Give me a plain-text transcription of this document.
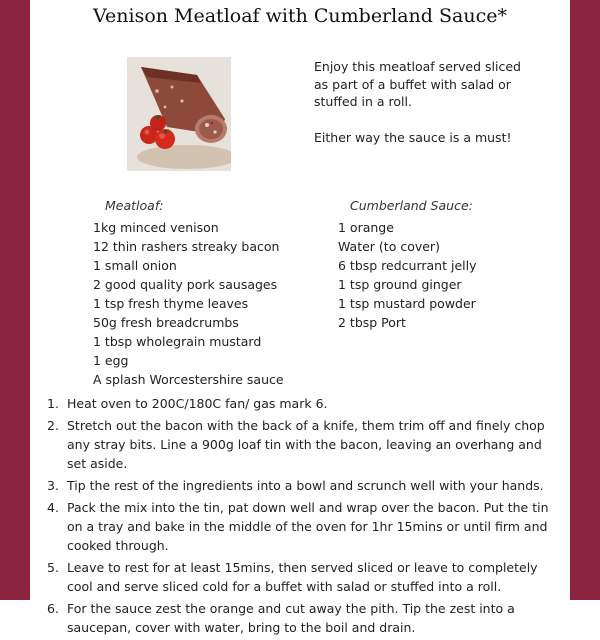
Venison Meatloaf with Cumberland Sauce*

Enjoy this meatloaf served sliced as part of a buffet with salad or stuffed in a roll.

Either way the sauce is a must!

Meatloaf:
1kg minced venison
12 thin rashers streaky bacon
1 small onion
2 good quality pork sausages
1 tsp fresh thyme leaves
50g fresh breadcrumbs
1 tbsp wholegrain mustard
1 egg
A splash Worcestershire sauce
Cumberland Sauce:
1 orange
Water (to cover)
6 tbsp redcurrant jelly
1 tsp ground ginger
1 tsp mustard powder
2 tbsp Port
1. Heat oven to 200C/180C fan/ gas mark 6.
2. Stretch out the bacon with the back of a knife, them trim off and finely chop any stray bits. Line a 900g loaf tin with the bacon, leaving an overhang and set aside.
3. Tip the rest of the ingredients into a bowl and scrunch well with your hands.
4. Pack the mix into the tin, pat down well and wrap over the bacon. Put the tin on a tray and bake in the middle of the oven for 1hr 15mins or until firm and cooked through.
5. Leave to rest for at least 15mins, then served sliced or leave to completely cool and serve sliced cold for a buffet with salad or stuffed into a roll.
6. For the sauce zest the orange and cut away the pith. Tip the zest into a saucepan, cover with water, bring to the boil and drain.
